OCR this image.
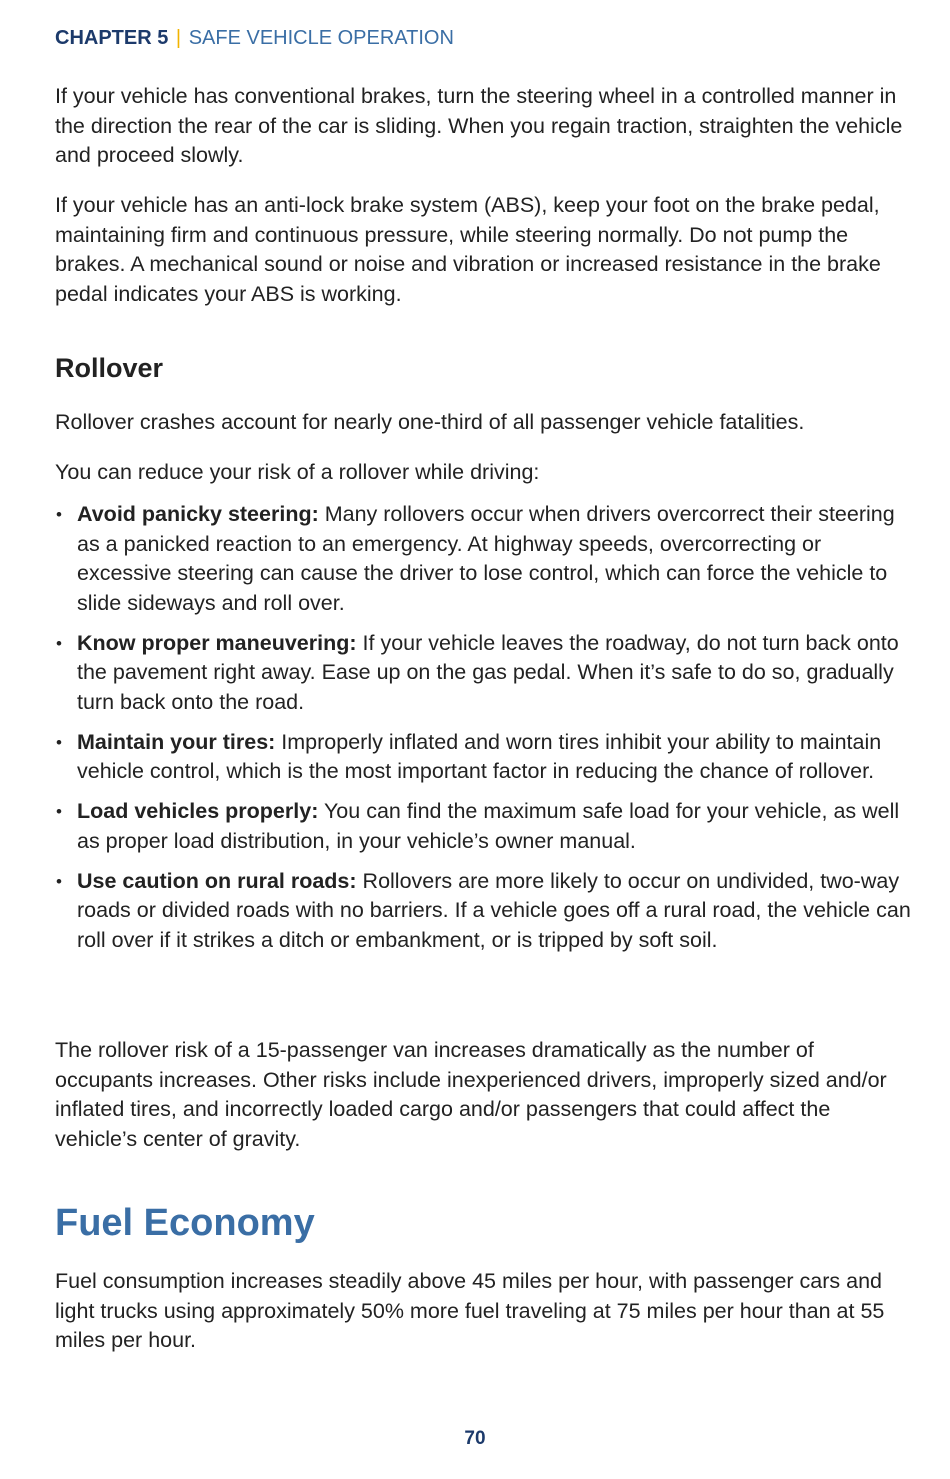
CHAPTER 5 | SAFE VEHICLE OPERATION

If your vehicle has conventional brakes, turn the steering wheel in a controlled manner in the direction the rear of the car is sliding. When you regain traction, straighten the vehicle and proceed slowly.

If your vehicle has an anti-lock brake system (ABS), keep your foot on the brake pedal, maintaining firm and continuous pressure, while steering normally. Do not pump the brakes. A mechanical sound or noise and vibration or increased resistance in the brake pedal indicates your ABS is working.

Rollover

Rollover crashes account for nearly one-third of all passenger vehicle fatalities.

You can reduce your risk of a rollover while driving:

• Avoid panicky steering: Many rollovers occur when drivers overcorrect their steering as a panicked reaction to an emergency. At highway speeds, overcorrecting or excessive steering can cause the driver to lose control, which can force the vehicle to slide sideways and roll over.
• Know proper maneuvering: If your vehicle leaves the roadway, do not turn back onto the pavement right away. Ease up on the gas pedal. When it’s safe to do so, gradually turn back onto the road.
• Maintain your tires: Improperly inflated and worn tires inhibit your ability to maintain vehicle control, which is the most important factor in reducing the chance of rollover.
• Load vehicles properly: You can find the maximum safe load for your vehicle, as well as proper load distribution, in your vehicle’s owner manual.
• Use caution on rural roads: Rollovers are more likely to occur on undivided, two-way roads or divided roads with no barriers. If a vehicle goes off a rural road, the vehicle can roll over if it strikes a ditch or embankment, or is tripped by soft soil.

The rollover risk of a 15-passenger van increases dramatically as the number of occupants increases. Other risks include inexperienced drivers, improperly sized and/or inflated tires, and incorrectly loaded cargo and/or passengers that could affect the vehicle’s center of gravity.

Fuel Economy

Fuel consumption increases steadily above 45 miles per hour, with passenger cars and light trucks using approximately 50% more fuel traveling at 75 miles per hour than at 55 miles per hour.

70
